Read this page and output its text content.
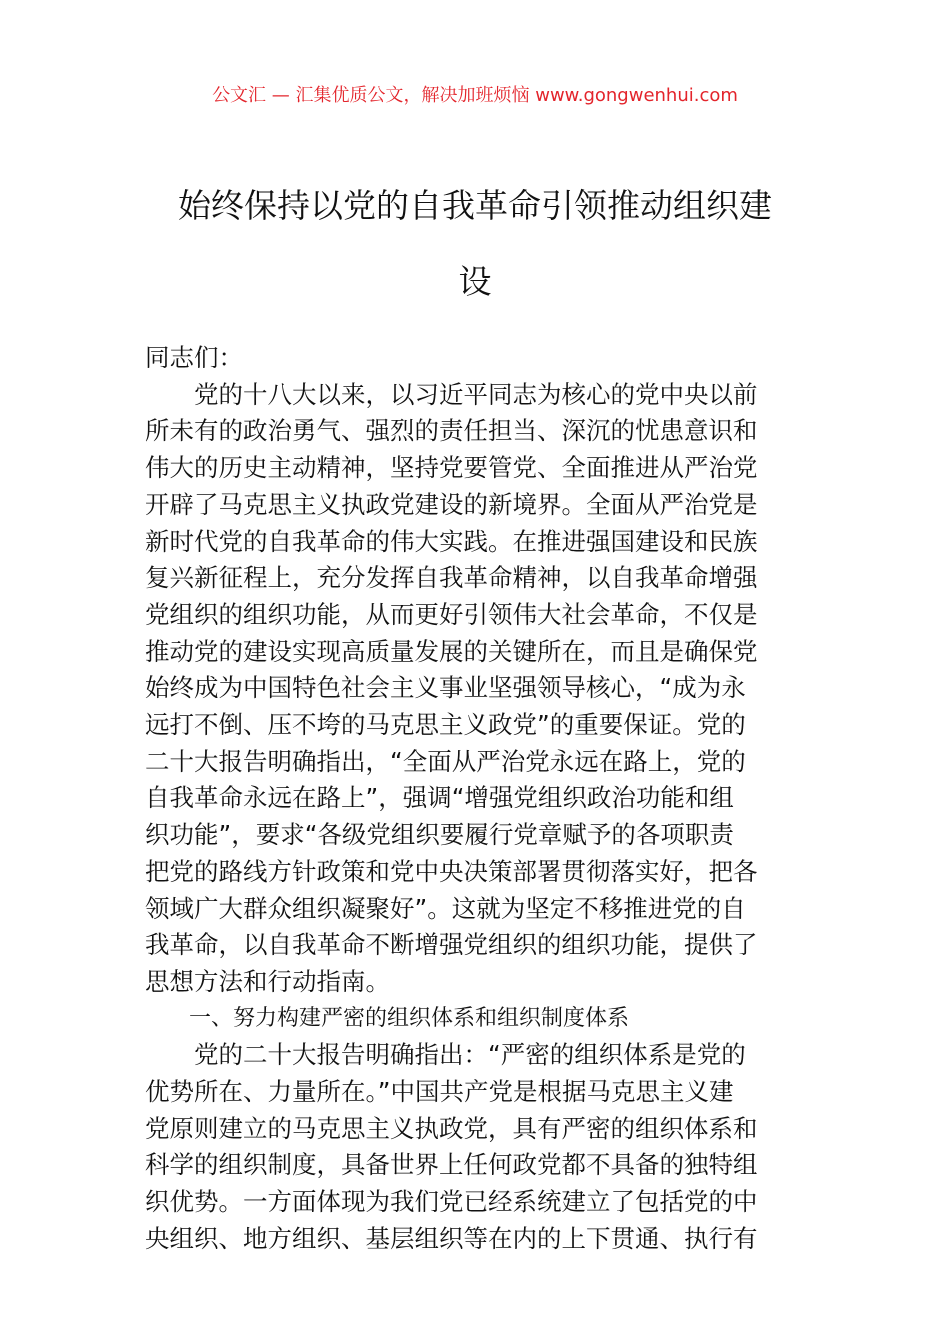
公文汇 — 汇集优质公文，解决加班烦恼 www.gongwenhui.com
始终保持以党的自我革命引领推动组织建
设
同志们：

党的十八大以来，以习近平同志为核心的党中央以前
所未有的政治勇气、强烈的责任担当、深沉的忧患意识和
伟大的历史主动精神，坚持党要管党、全面推进从严治党
开辟了马克思主义执政党建设的新境界。全面从严治党是
新时代党的自我革命的伟大实践。在推进强国建设和民族
复兴新征程上，充分发挥自我革命精神，以自我革命增强
党组织的组织功能，从而更好引领伟大社会革命，不仅是
推动党的建设实现高质量发展的关键所在，而且是确保党
始终成为中国特色社会主义事业坚强领导核心，“成为永
远打不倒、压不垮的马克思主义政党”的重要保证。党的
二十大报告明确指出，“全面从严治党永远在路上，党的
自我革命永远在路上”，强调“增强党组织政治功能和组
织功能”，要求“各级党组织要履行党章赋予的各项职责
把党的路线方针政策和党中央决策部署贯彻落实好，把各
领域广大群众组织凝聚好”。这就为坚定不移推进党的自
我革命，以自我革命不断增强党组织的组织功能，提供了
思想方法和行动指南。

一、努力构建严密的组织体系和组织制度体系

党的二十大报告明确指出：“严密的组织体系是党的
优势所在、力量所在。”中国共产党是根据马克思主义建
党原则建立的马克思主义执政党，具有严密的组织体系和
科学的组织制度，具备世界上任何政党都不具备的独特组
织优势。一方面体现为我们党已经系统建立了包括党的中
央组织、地方组织、基层组织等在内的上下贯通、执行有
